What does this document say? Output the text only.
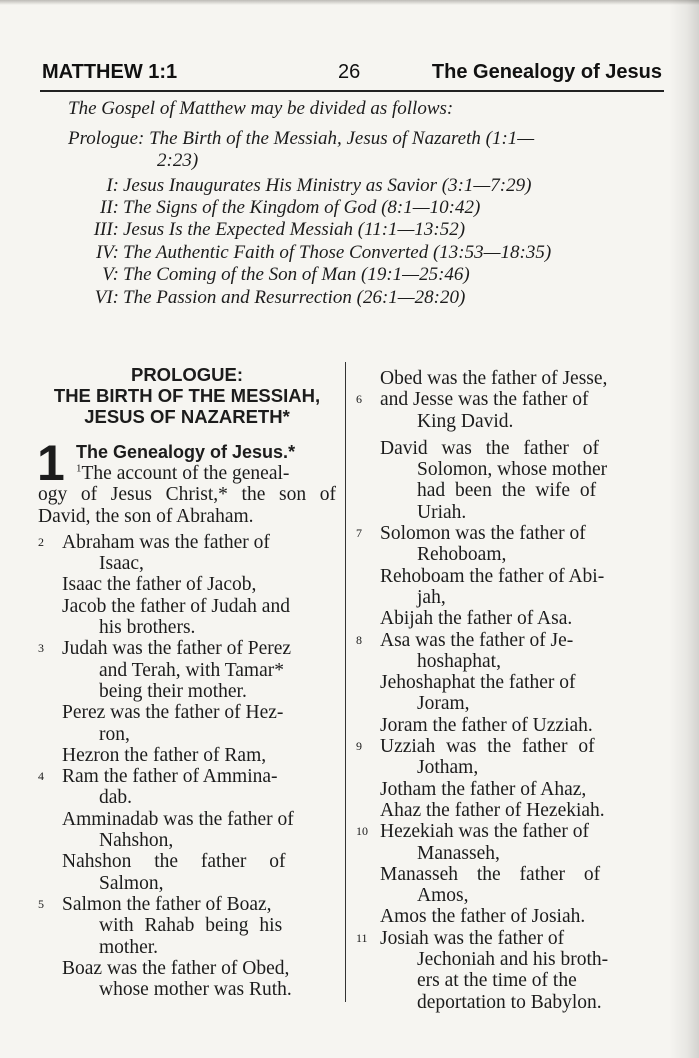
MATTHEW 1:1	26	The Genealogy of Jesus
The Gospel of Matthew may be divided as follows:
Prologue: The Birth of the Messiah, Jesus of Nazareth (1:1—
2:23)
I: Jesus Inaugurates His Ministry as Savior (3:1—7:29)
II: The Signs of the Kingdom of God (8:1—10:42)
III: Jesus Is the Expected Messiah (11:1—13:52)
IV: The Authentic Faith of Those Converted (13:53—18:35)
V: The Coming of the Son of Man (19:1—25:46)
VI: The Passion and Resurrection (26:1—28:20)
PROLOGUE:
THE BIRTH OF THE MESSIAH,
JESUS OF NAZARETH*
1 The Genealogy of Jesus.*
$^1$The account of the geneal-
ogy of Jesus Christ,* the son of
David, the son of Abraham.
2 Abraham was the father of
Isaac,
Isaac the father of Jacob,
Jacob the father of Judah and
his brothers.
3 Judah was the father of Perez
and Terah, with Tamar*
being their mother.
Perez was the father of Hez-
ron,
Hezron the father of Ram,
4 Ram the father of Ammina-
dab.
Amminadab was the father of
Nahshon,
Nahshon the father of
Salmon,
5 Salmon the father of Boaz,
with Rahab being his
mother.
Boaz was the father of Obed,
whose mother was Ruth.
Obed was the father of Jesse,
6 and Jesse was the father of
King David.
David was the father of
Solomon, whose mother
had been the wife of
Uriah.
7 Solomon was the father of
Rehoboam,
Rehoboam the father of Abi-
jah,
Abijah the father of Asa.
8 Asa was the father of Je-
hoshaphat,
Jehoshaphat the father of
Joram,
Joram the father of Uzziah.
9 Uzziah was the father of
Jotham,
Jotham the father of Ahaz,
Ahaz the father of Hezekiah.
10 Hezekiah was the father of
Manasseh,
Manasseh the father of
Amos,
Amos the father of Josiah.
11 Josiah was the father of
Jechoniah and his broth-
ers at the time of the
deportation to Babylon.
